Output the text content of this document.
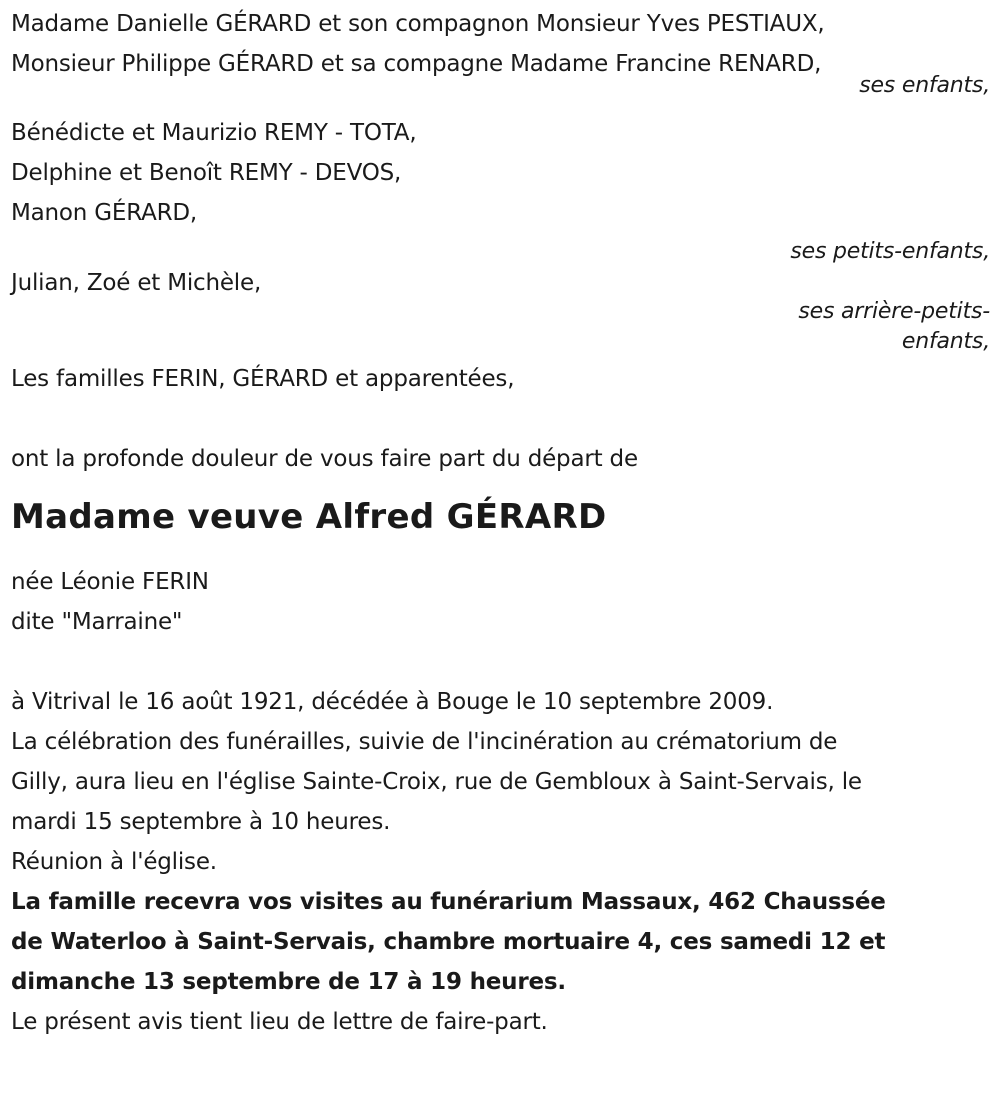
Madame Danielle GÉRARD et son compagnon Monsieur Yves PESTIAUX,
Monsieur Philippe GÉRARD et sa compagne Madame Francine RENARD,
ses enfants,
Bénédicte et Maurizio REMY - TOTA,
Delphine et Benoît REMY - DEVOS,
Manon GÉRARD,
ses petits-enfants,
Julian, Zoé et Michèle,
ses arrière-petits-
enfants,
Les familles FERIN, GÉRARD et apparentées,
ont la profonde douleur de vous faire part du départ de
Madame veuve Alfred GÉRARD
née Léonie FERIN
dite "Marraine"
à Vitrival le 16 août 1921, décédée à Bouge le 10 septembre 2009.
La célébration des funérailles, suivie de l'incinération au crématorium de
Gilly, aura lieu en l'église Sainte-Croix, rue de Gembloux à Saint-Servais, le
mardi 15 septembre à 10 heures.
Réunion à l'église.
La famille recevra vos visites au funérarium Massaux, 462 Chaussée
de Waterloo à Saint-Servais, chambre mortuaire 4, ces samedi 12 et
dimanche 13 septembre de 17 à 19 heures.
Le présent avis tient lieu de lettre de faire-part.
